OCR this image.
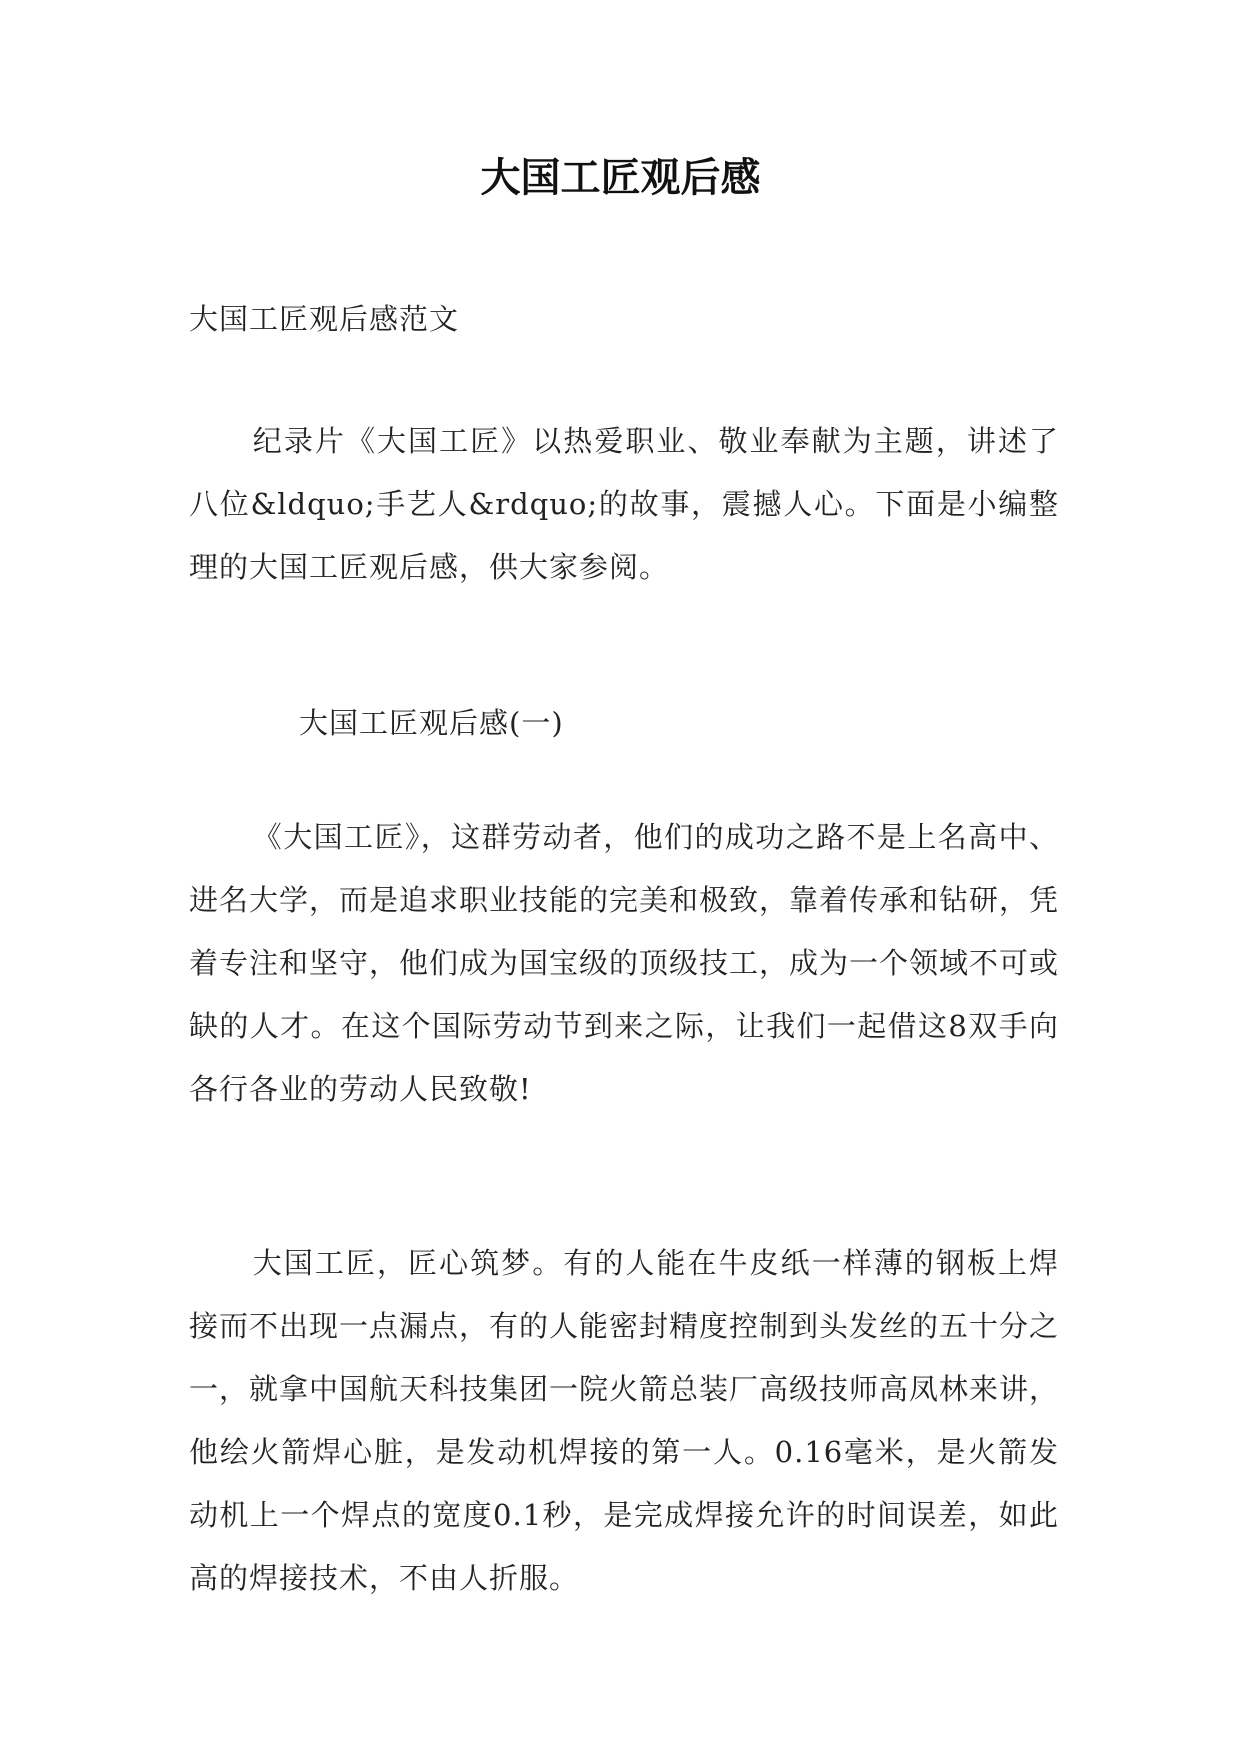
大国工匠观后感
大国工匠观后感范文

纪录片《大国工匠》以热爱职业、敬业奉献为主题，讲述了八位&ldquo;手艺人&rdquo;的故事，震撼人心。下面是小编整理的大国工匠观后感，供大家参阅。

大国工匠观后感(一)

《大国工匠》，这群劳动者，他们的成功之路不是上名高中、进名大学，而是追求职业技能的完美和极致，靠着传承和钻研，凭着专注和坚守，他们成为国宝级的顶级技工，成为一个领域不可或缺的人才。在这个国际劳动节到来之际，让我们一起借这8双手向各行各业的劳动人民致敬!

大国工匠，匠心筑梦。有的人能在牛皮纸一样薄的钢板上焊接而不出现一点漏点，有的人能密封精度控制到头发丝的五十分之一，就拿中国航天科技集团一院火箭总装厂高级技师高凤林来讲，他绘火箭焊心脏，是发动机焊接的第一人。0.16毫米，是火箭发动机上一个焊点的宽度0.1秒，是完成焊接允许的时间误差，如此高的焊接技术，不由人折服。
